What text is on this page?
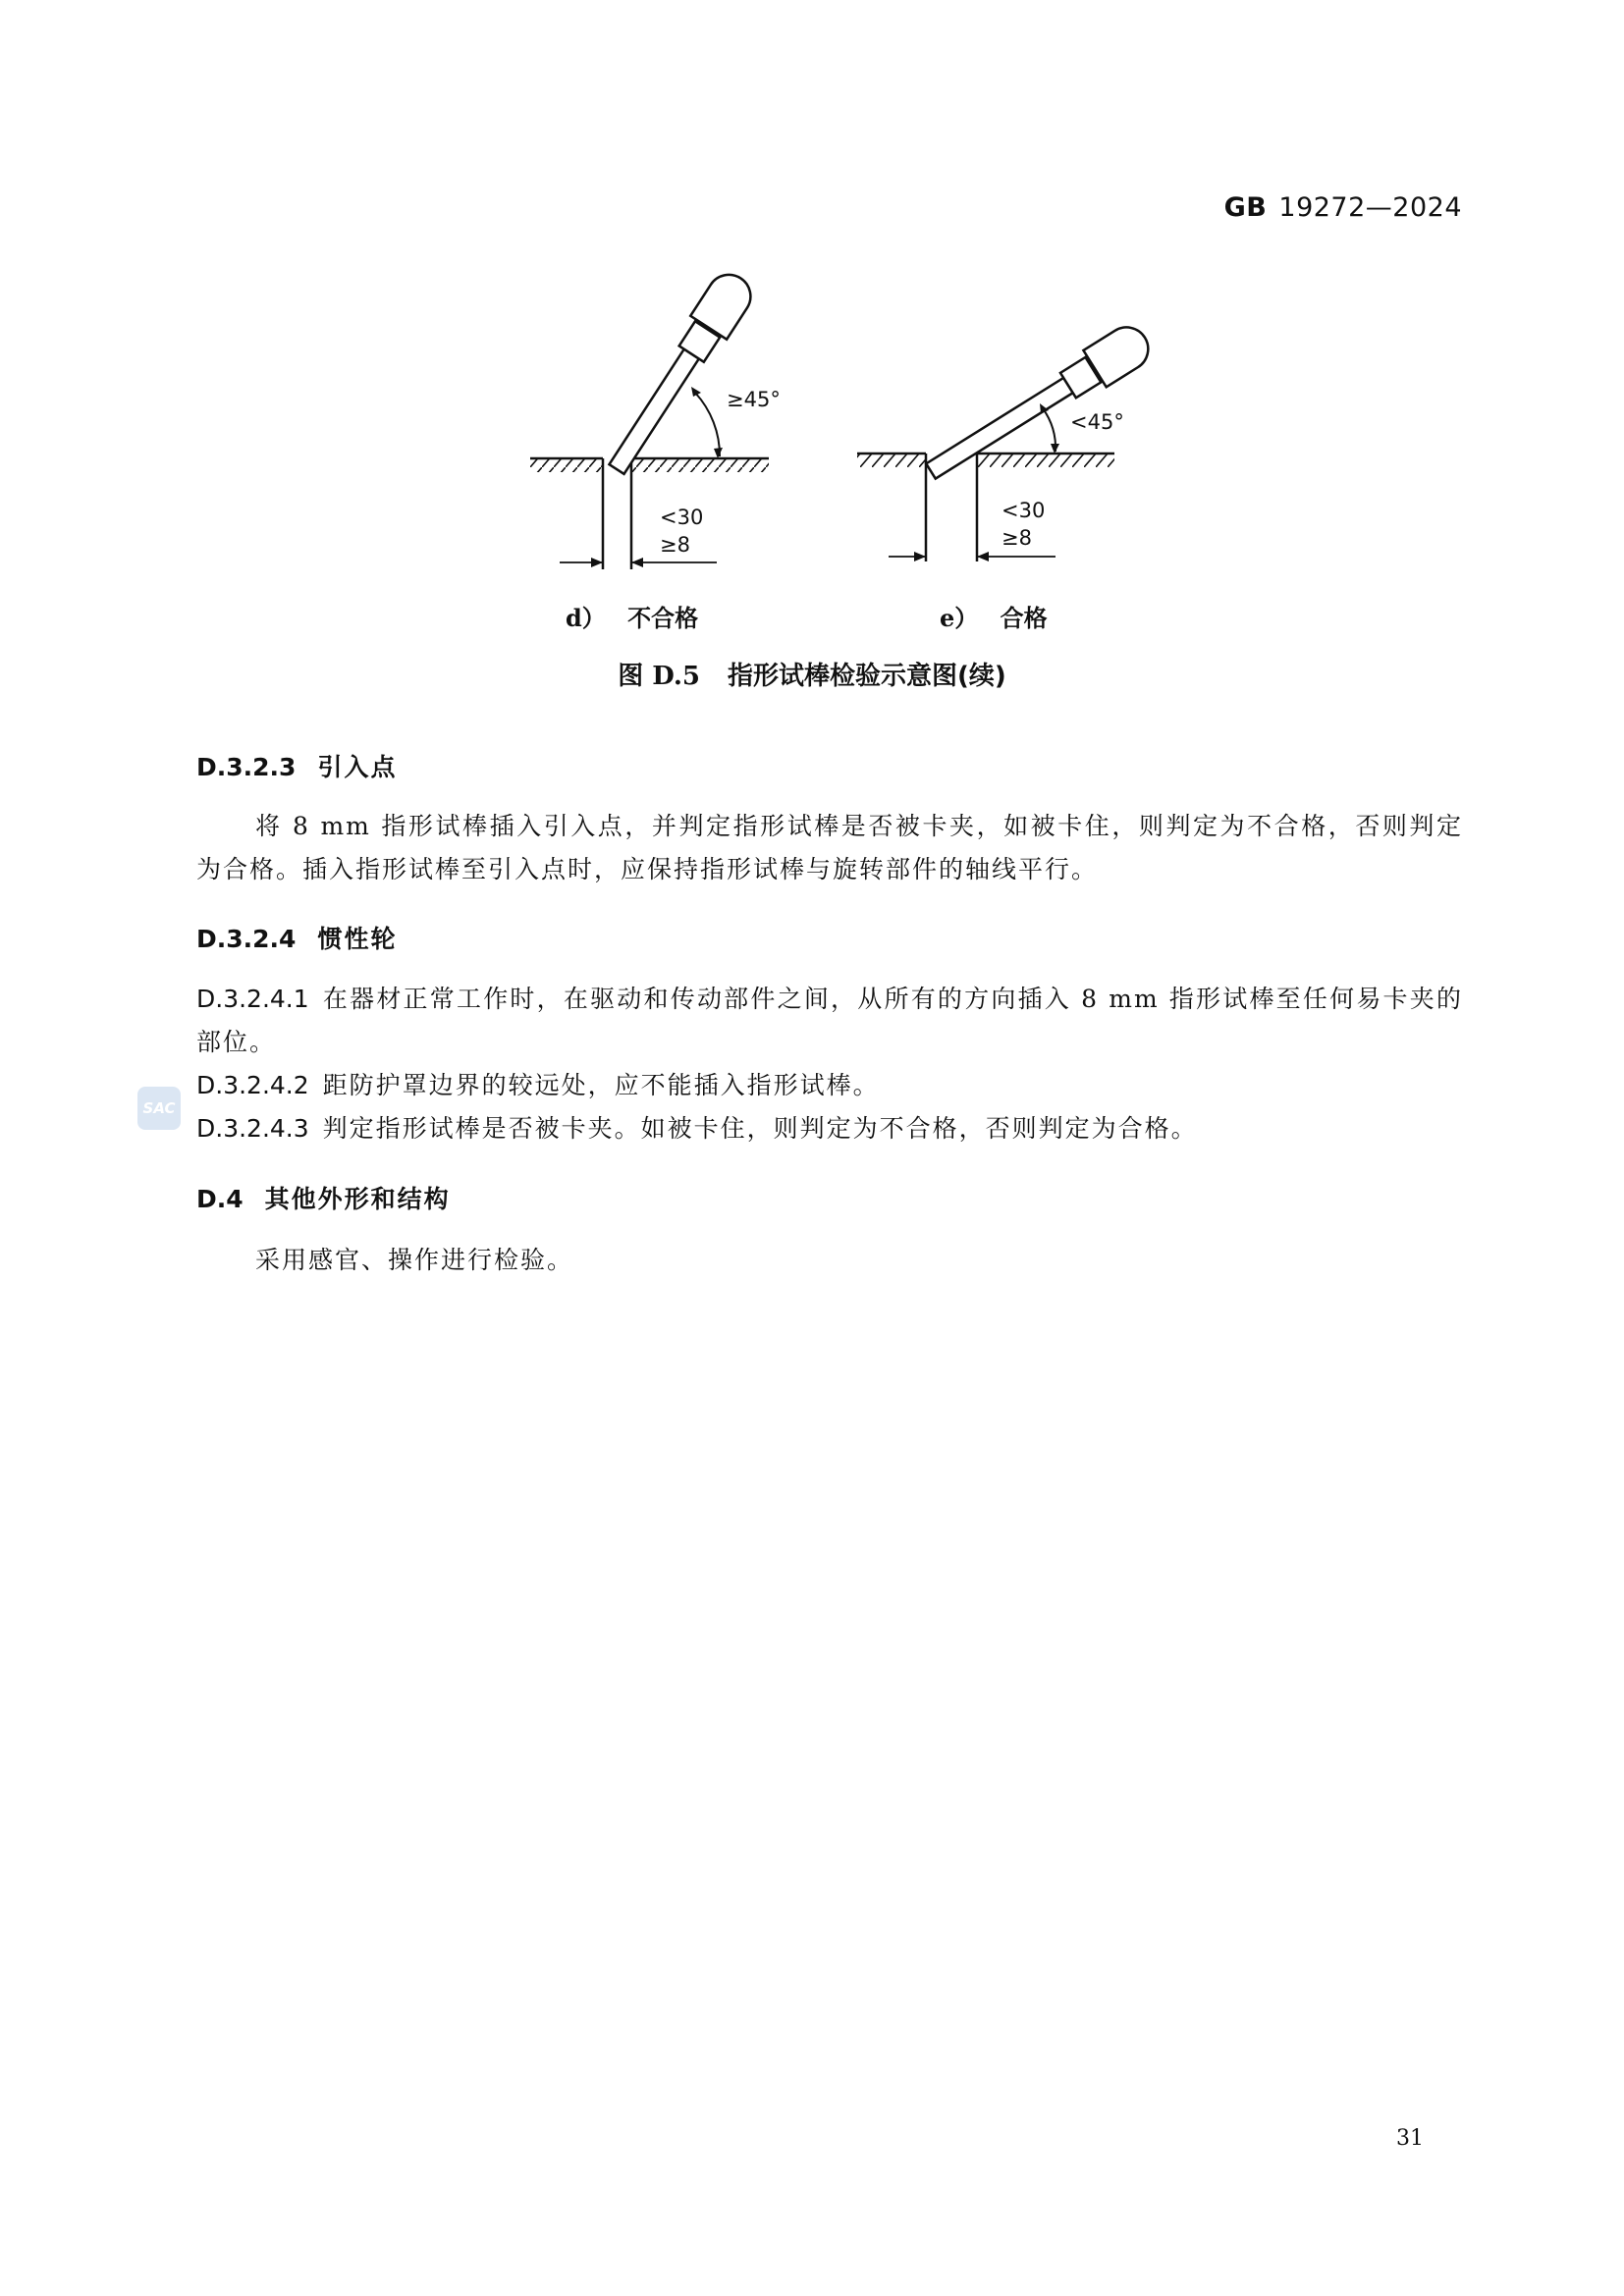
GB 19272—2024
≥45°
<30
≥8
<45°
<30
≥8
d） 不合格	e） 合格
图 D.5 指形试棒检验示意图(续)
D.3.2.3 引入点
将 8 mm 指形试棒插入引入点，并判定指形试棒是否被卡夹，如被卡住，则判定为不合格，否则判定为合格。插入指形试棒至引入点时，应保持指形试棒与旋转部件的轴线平行。
D.3.2.4 惯性轮
D.3.2.4.1 在器材正常工作时，在驱动和传动部件之间，从所有的方向插入 8 mm 指形试棒至任何易卡夹的部位。
D.3.2.4.2 距防护罩边界的较远处，应不能插入指形试棒。
D.3.2.4.3 判定指形试棒是否被卡夹。如被卡住，则判定为不合格，否则判定为合格。
D.4 其他外形和结构
采用感官、操作进行检验。
SAC
31
